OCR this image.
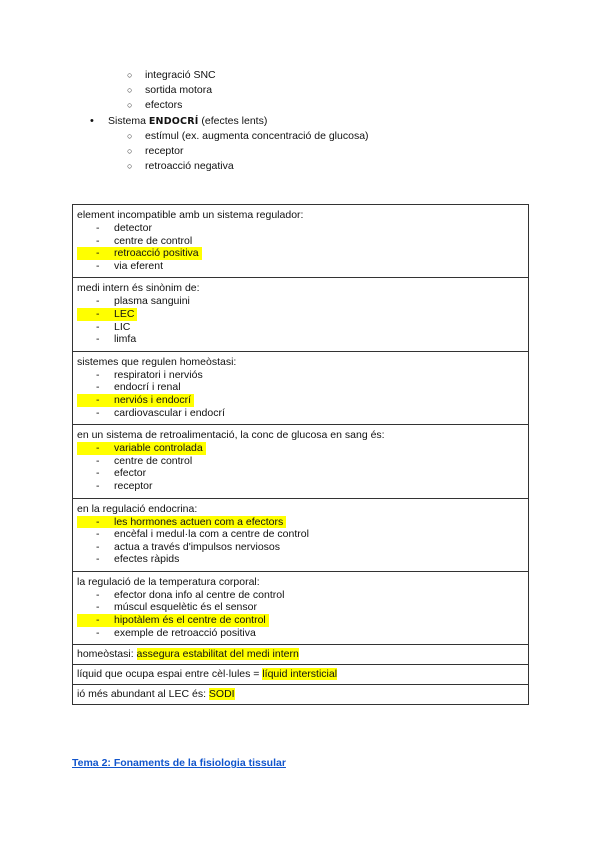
○ integració SNC
○ sortida motora
○ efectors
• Sistema ENDOCRÍ (efectes lents)
○ estímul (ex. augmenta concentració de glucosa)
○ receptor
○ retroacció negativa
element incompatible amb un sistema regulador:
- detector
- centre de control
- retroacció positiva
- via eferent
medi intern és sinònim de:
- plasma sanguini
- LEC
- LIC
- limfa
sistemes que regulen homeòstasi:
- respiratori i nerviós
- endocrí i renal
- nerviós i endocrí
- cardiovascular i endocrí
en un sistema de retroalimentació, la conc de glucosa en sang és:
- variable controlada
- centre de control
- efector
- receptor
en la regulació endocrina:
- les hormones actuen com a efectors
- encèfal i medul·la com a centre de control
- actua a través d'impulsos nerviosos
- efectes ràpids
la regulació de la temperatura corporal:
- efector dona info al centre de control
- múscul esquelètic és el sensor
- hipotàlem és el centre de control
- exemple de retroacció positiva
homeòstasi: assegura estabilitat del medi intern
líquid que ocupa espai entre cèl·lules = líquid intersticial
ió més abundant al LEC és: SODI
Tema 2: Fonaments de la fisiologia tissular
